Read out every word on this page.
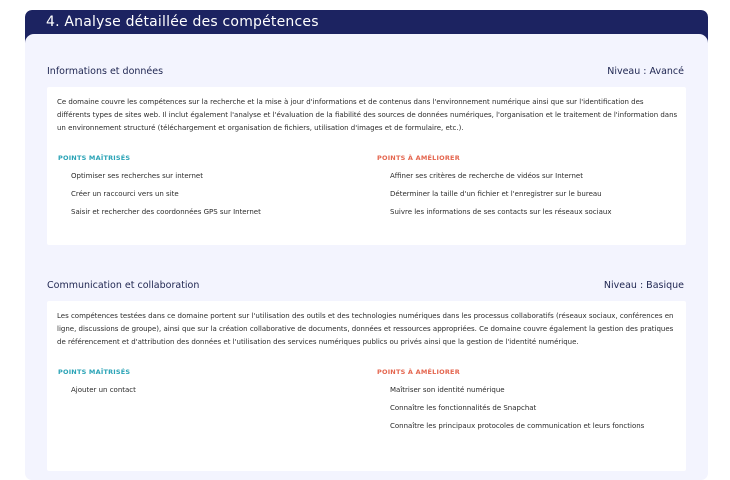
4. Analyse détaillée des compétences
Informations et données	Niveau : Avancé
Ce domaine couvre les compétences sur la recherche et la mise à jour d'informations et de contenus dans l'environnement numérique ainsi que sur l'identification des différents types de sites web. Il inclut également l'analyse et l'évaluation de la fiabilité des sources de données numériques, l'organisation et le traitement de l'information dans un environnement structuré (téléchargement et organisation de fichiers, utilisation d'images et de formulaire, etc.).
POINTS MAÎTRISÉS
Optimiser ses recherches sur internet
Créer un raccourci vers un site
Saisir et rechercher des coordonnées GPS sur Internet
POINTS À AMÉLIORER
Affiner ses critères de recherche de vidéos sur Internet
Déterminer la taille d'un fichier et l'enregistrer sur le bureau
Suivre les informations de ses contacts sur les réseaux sociaux
Communication et collaboration	Niveau : Basique
Les compétences testées dans ce domaine portent sur l'utilisation des outils et des technologies numériques dans les processus collaboratifs (réseaux sociaux, conférences en ligne, discussions de groupe), ainsi que sur la création collaborative de documents, données et ressources appropriées. Ce domaine couvre également la gestion des pratiques de référencement et d'attribution des données et l'utilisation des services numériques publics ou privés ainsi que la gestion de l'identité numérique.
POINTS MAÎTRISÉS
Ajouter un contact
POINTS À AMÉLIORER
Maîtriser son identité numérique
Connaître les fonctionnalités de Snapchat
Connaître les principaux protocoles de communication et leurs fonctions
